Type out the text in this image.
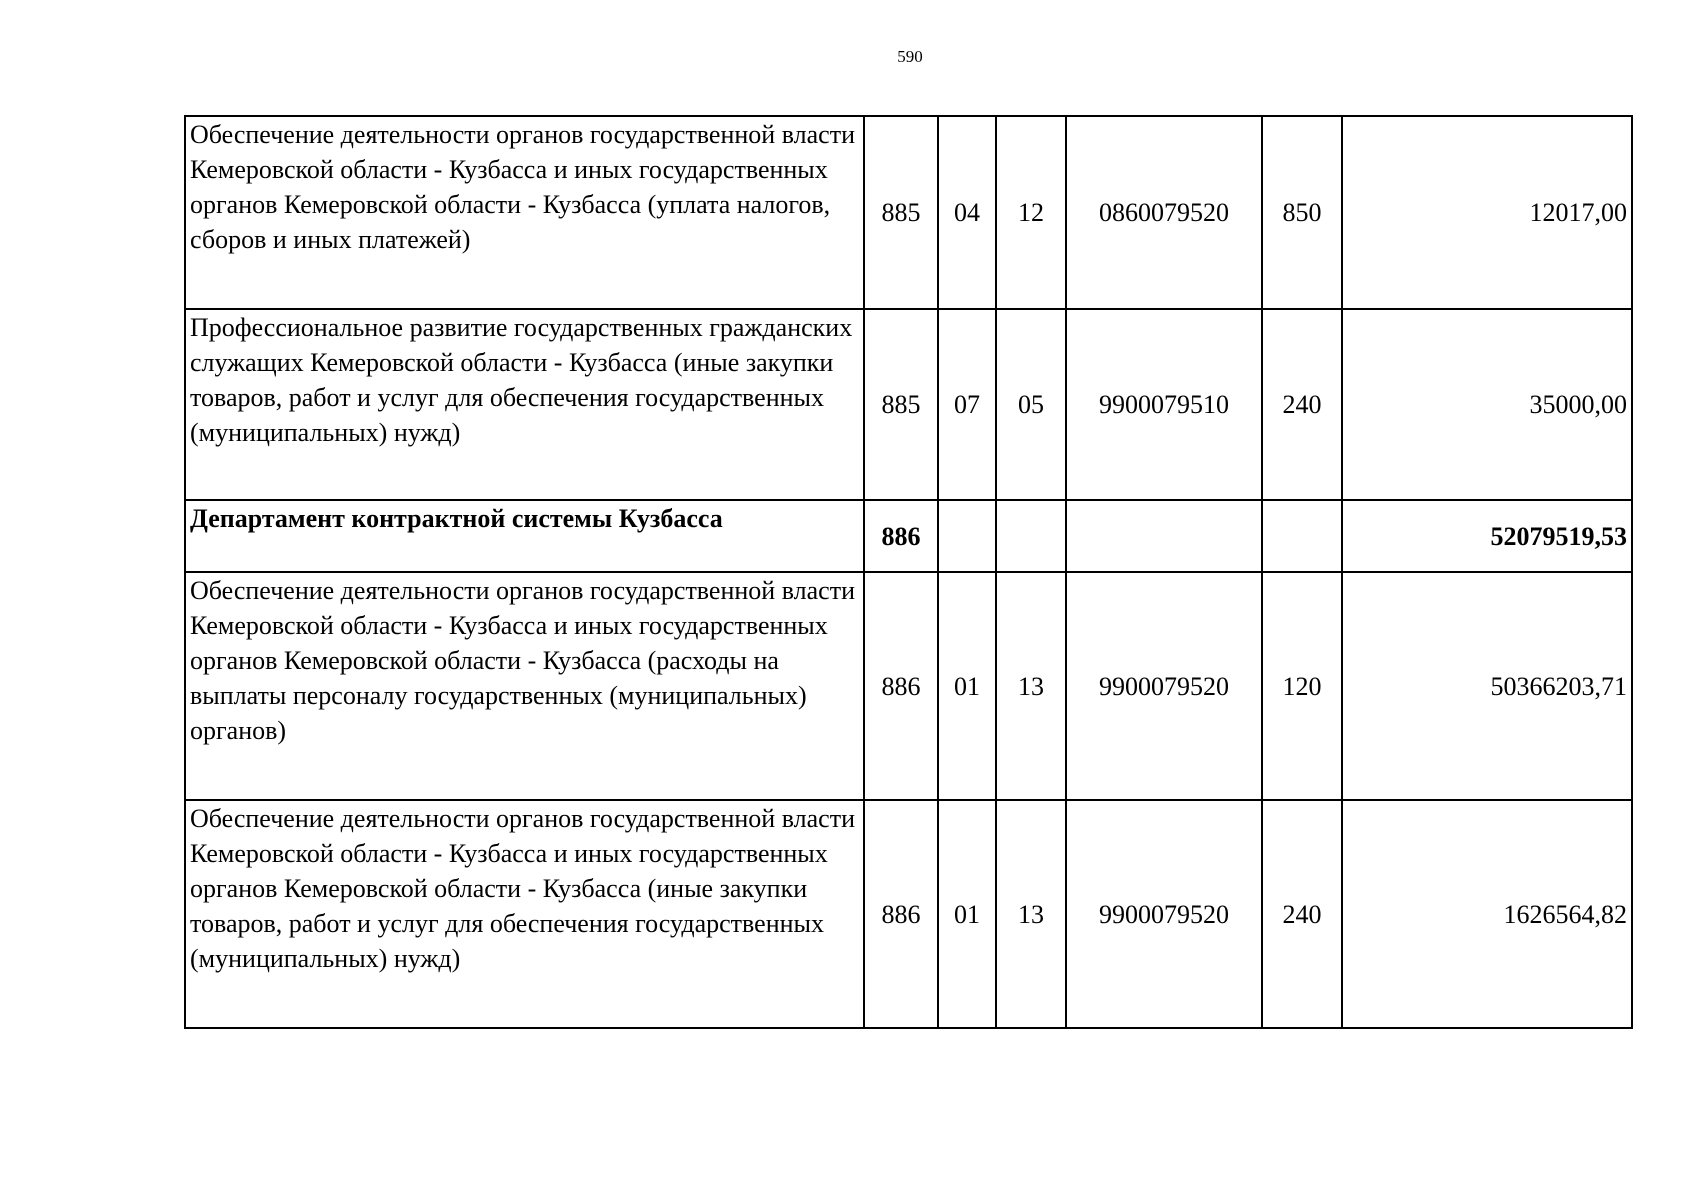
590
Обеспечение деятельности органов государственной власти Кемеровской области - Кузбасса и иных государственных органов Кемеровской области - Кузбасса (уплата налогов, сборов и иных платежей)	885	04	12	0860079520	850	12017,00
Профессиональное развитие государственных гражданских служащих Кемеровской области - Кузбасса (иные закупки товаров, работ и услуг для обеспечения государственных (муниципальных) нужд)	885	07	05	9900079510	240	35000,00
Департамент контрактной системы Кузбасса	886					52079519,53
Обеспечение деятельности органов государственной власти Кемеровской области - Кузбасса и иных государственных органов Кемеровской области - Кузбасса (расходы на выплаты персоналу государственных (муниципальных) органов)	886	01	13	9900079520	120	50366203,71
Обеспечение деятельности органов государственной власти Кемеровской области - Кузбасса и иных государственных органов Кемеровской области - Кузбасса (иные закупки товаров, работ и услуг для обеспечения государственных (муниципальных) нужд)	886	01	13	9900079520	240	1626564,82
